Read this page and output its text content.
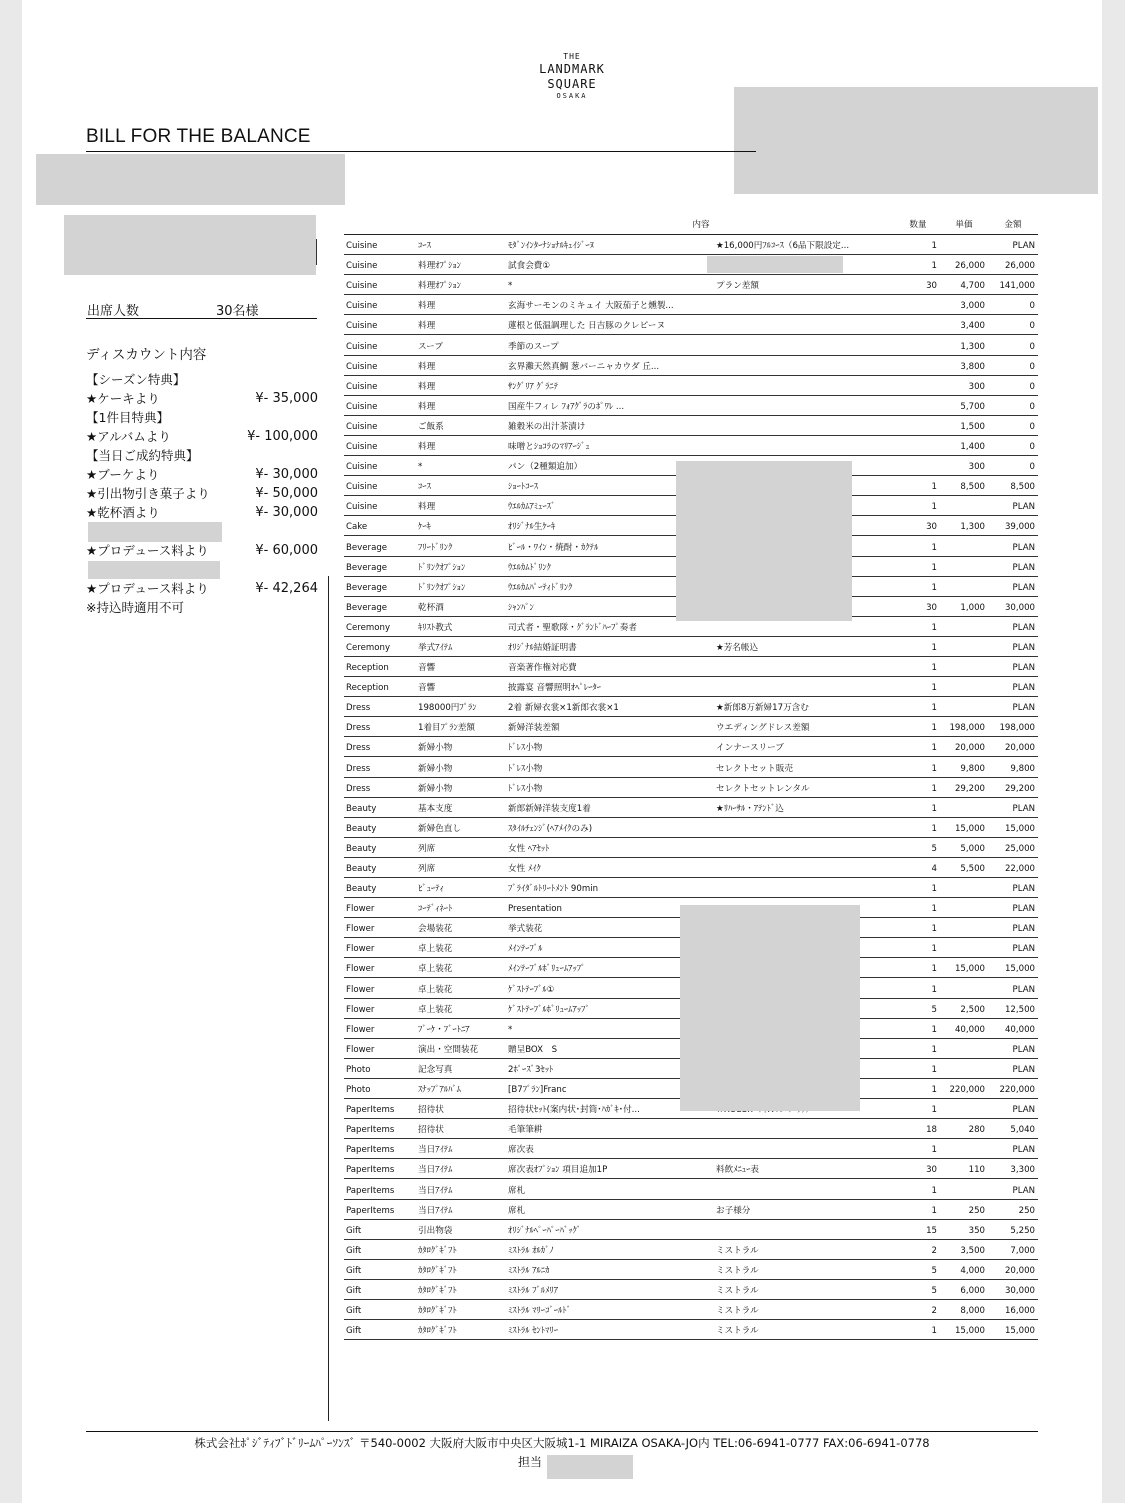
THE
LANDMARK
SQUARE
OSAKA
BILL FOR THE BALANCE
出席人数	30名様
ディスカウント内容
【シーズン特典】
★ケーキより	¥- 35,000
【1件目特典】
★アルバムより	¥- 100,000
【当日ご成約特典】
★ブーケより	¥- 30,000
★引出物引き菓子より	¥- 50,000
★乾杯酒より	¥- 30,000
★プロデュース料より	¥- 60,000
★プロデュース料より	¥- 42,264
※持込時適用不可
		内容		数量	単価	金額
Cuisine	ｺｰｽ	ﾓﾀﾞﾝｲﾝﾀｰﾅｼｮﾅﾙｷｭｲｼﾞｰﾇ	★16,000円ﾌﾙｺｰｽ（6品下限設定...	1		PLAN
Cuisine	料理ｵﾌﾟｼｮﾝ	試食会費①		1	26,000	26,000
Cuisine	料理ｵﾌﾟｼｮﾝ	*	プラン差額	30	4,700	141,000
Cuisine	料理	玄海サーモンのミキュイ 大阪茄子と燻製...			3,000	0
Cuisine	料理	蓮根と低温調理した 日吉豚のクレピーヌ			3,400	0
Cuisine	スープ	季節のスープ			1,300	0
Cuisine	料理	玄界灘天然真鯛 葱バーニャカウダ 丘...			3,800	0
Cuisine	料理	ｻﾝｸﾞﾘｱ ｸﾞﾗﾆﾃ			300	0
Cuisine	料理	国産牛フィレ ﾌｫｱｸﾞﾗのﾎﾟﾜﾚ ...			5,700	0
Cuisine	ご飯系	雑穀米の出汁茶漬け			1,500	0
Cuisine	料理	味噌とｼｮｺﾗのﾏﾘｱｰｼﾞｭ			1,400	0
Cuisine	*	パン（2種類追加）			300	0
Cuisine	ｺｰｽ	ｼｮｰﾄｺｰｽ		1	8,500	8,500
Cuisine	料理	ｳｴﾙｶﾑｱﾐｭｰｽﾞ		1		PLAN
Cake	ｹｰｷ	ｵﾘｼﾞﾅﾙ生ｹｰｷ		30	1,300	39,000
Beverage	ﾌﾘｰﾄﾞﾘﾝｸ	ﾋﾞｰﾙ・ﾜｲﾝ・焼酎・ｶｸﾃﾙ		1		PLAN
Beverage	ﾄﾞﾘﾝｸｵﾌﾟｼｮﾝ	ｳｴﾙｶﾑﾄﾞﾘﾝｸ		1		PLAN
Beverage	ﾄﾞﾘﾝｸｵﾌﾟｼｮﾝ	ｳｴﾙｶﾑﾊﾟｰﾃｨﾄﾞﾘﾝｸ		1		PLAN
Beverage	乾杯酒	ｼｬﾝﾊﾟﾝ		30	1,000	30,000
Ceremony	ｷﾘｽﾄ教式	司式者・聖歌隊・ｸﾞﾗﾝﾄﾞﾊｰﾌﾟ奏者		1		PLAN
Ceremony	挙式ｱｲﾃﾑ	ｵﾘｼﾞﾅﾙ結婚証明書	★芳名帳込	1		PLAN
Reception	音響	音楽著作権対応費		1		PLAN
Reception	音響	披露宴 音響照明ｵﾍﾟﾚｰﾀｰ		1		PLAN
Dress	198000円ﾌﾟﾗﾝ	2着 新婦衣裳×1新郎衣裳×1	★新郎8万新婦17万含む	1		PLAN
Dress	1着目ﾌﾟﾗﾝ差額	新婦洋装差額	ウエディングドレス差額	1	198,000	198,000
Dress	新婦小物	ﾄﾞﾚｽ小物	インナースリーブ	1	20,000	20,000
Dress	新婦小物	ﾄﾞﾚｽ小物	セレクトセット販売	1	9,800	9,800
Dress	新婦小物	ﾄﾞﾚｽ小物	セレクトセットレンタル	1	29,200	29,200
Beauty	基本支度	新郎新婦洋装支度1着	★ﾘﾊｰｻﾙ・ｱﾃﾝﾄﾞ込	1		PLAN
Beauty	新婦色直し	ｽﾀｲﾙﾁｪﾝｼﾞ(ﾍｱﾒｲｸのみ)		1	15,000	15,000
Beauty	列席	女性 ﾍｱｾｯﾄ		5	5,000	25,000
Beauty	列席	女性 ﾒｲｸ		4	5,500	22,000
Beauty	ﾋﾞｭｰﾃｨ	ﾌﾞﾗｲﾀﾞﾙﾄﾘｰﾄﾒﾝﾄ 90min		1		PLAN
Flower	ｺｰﾃﾞｨﾈｰﾄ	Presentation		1		PLAN
Flower	会場装花	挙式装花		1		PLAN
Flower	卓上装花	ﾒｲﾝﾃｰﾌﾞﾙ		1		PLAN
Flower	卓上装花	ﾒｲﾝﾃｰﾌﾞﾙﾎﾞﾘｭｰﾑｱｯﾌﾟ		1	15,000	15,000
Flower	卓上装花	ｹﾞｽﾄﾃｰﾌﾞﾙ①		1		PLAN
Flower	卓上装花	ｹﾞｽﾄﾃｰﾌﾞﾙﾎﾞﾘｭｰﾑｱｯﾌﾟ		5	2,500	12,500
Flower	ﾌﾞｰｹ・ﾌﾞｰﾄﾆｱ	*		1	40,000	40,000
Flower	演出・空間装花	贈呈BOX　S		1		PLAN
Photo	記念写真	2ﾎﾟｰｽﾞ3ｾｯﾄ		1		PLAN
Photo	ｽﾅｯﾌﾟｱﾙﾊﾞﾑ	[B7ﾌﾟﾗﾝ]Franc		1	220,000	220,000
PaperItems	招待状	招待状ｾｯﾄ(案内状･封筒･ﾊｶﾞｷ･付...		1		PLAN
PaperItems	招待状	毛筆筆耕		18	280	5,040
PaperItems	当日ｱｲﾃﾑ	席次表		1		PLAN
PaperItems	当日ｱｲﾃﾑ	席次表ｵﾌﾟｼｮﾝ 項目追加1P	料飲ﾒﾆｭｰ表	30	110	3,300
PaperItems	当日ｱｲﾃﾑ	席札		1		PLAN
PaperItems	当日ｱｲﾃﾑ	席札	お子様分	1	250	250
Gift	引出物袋	ｵﾘｼﾞﾅﾙﾍﾟｰﾊﾟｰﾊﾞｯｸﾞ		15	350	5,250
Gift	ｶﾀﾛｸﾞｷﾞﾌﾄ	ﾐｽﾄﾗﾙ ｵﾙｶﾞﾉ	ミストラル	2	3,500	7,000
Gift	ｶﾀﾛｸﾞｷﾞﾌﾄ	ﾐｽﾄﾗﾙ ｱﾙﾆｶ	ミストラル	5	4,000	20,000
Gift	ｶﾀﾛｸﾞｷﾞﾌﾄ	ﾐｽﾄﾗﾙ ﾌﾞﾙﾒﾘｱ	ミストラル	5	6,000	30,000
Gift	ｶﾀﾛｸﾞｷﾞﾌﾄ	ﾐｽﾄﾗﾙ ﾏﾘｰｺﾞｰﾙﾄﾞ	ミストラル	2	8,000	16,000
Gift	ｶﾀﾛｸﾞｷﾞﾌﾄ	ﾐｽﾄﾗﾙ ｾﾝﾄﾏﾘｰ	ミストラル	1	15,000	15,000
株式会社ﾎﾟｼﾞﾃｨﾌﾞﾄﾞﾘｰﾑﾊﾟｰｿﾝｽﾞ 〒540-0002 大阪府大阪市中央区大阪城1-1 MIRAIZA OSAKA-JO内 TEL:06-6941-0777 FAX:06-6941-0778
担当
